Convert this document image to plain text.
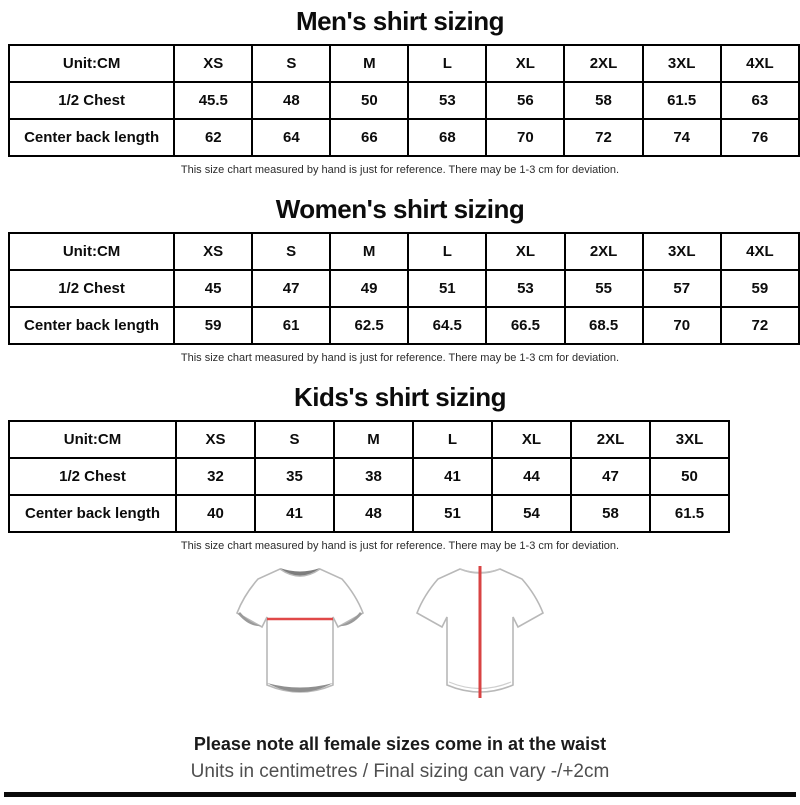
Men's shirt sizing
Unit:CM	XS	S	M	L	XL	2XL	3XL	4XL
1/2 Chest	45.5	48	50	53	56	58	61.5	63
Center back length	62	64	66	68	70	72	74	76
This size chart measured by hand is just for reference. There may be 1-3 cm for deviation.
Women's shirt sizing
Unit:CM	XS	S	M	L	XL	2XL	3XL	4XL
1/2 Chest	45	47	49	51	53	55	57	59
Center back length	59	61	62.5	64.5	66.5	68.5	70	72
This size chart measured by hand is just for reference. There may be 1-3 cm for deviation.
Kids's shirt sizing
Unit:CM	XS	S	M	L	XL	2XL	3XL
1/2 Chest	32	35	38	41	44	47	50
Center back length	40	41	48	51	54	58	61.5
This size chart measured by hand is just for reference. There may be 1-3 cm for deviation.
Please note all female sizes come in at the waist
Units in centimetres / Final sizing can vary -/+2cm
